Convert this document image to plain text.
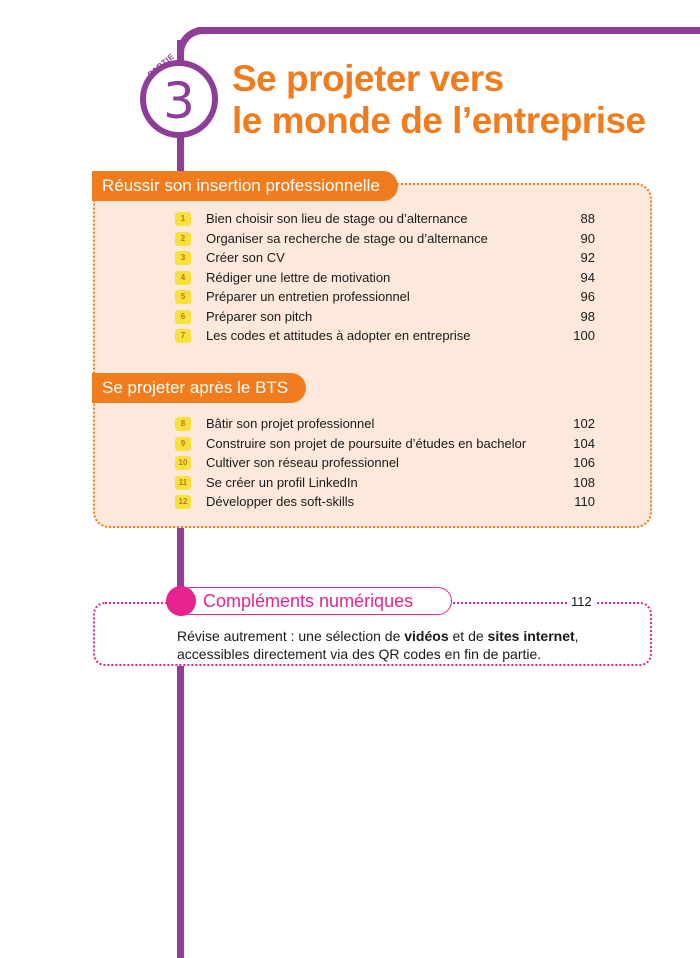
3
PARTIE Se projeter vers
le monde de l’entreprise
Réussir son insertion professionnelle
1	Bien choisir son lieu de stage ou d’alternance	88
2	Organiser sa recherche de stage ou d’alternance	90
3	Créer son CV	92
4	Rédiger une lettre de motivation	94
5	Préparer un entretien professionnel	96
6	Préparer son pitch	98
7	Les codes et attitudes à adopter en entreprise	100
Se projeter après le BTS
8	Bâtir son projet professionnel	102
9	Construire son projet de poursuite d’études en bachelor	104
10 Cultiver son réseau professionnel	106
11 Se créer un profil LinkedIn	108
12 Développer des soft-skills	110
Compléments numériques	112

Révise autrement : une sélection de vidéos et de sites internet,
accessibles directement via des QR codes en fin de partie.
